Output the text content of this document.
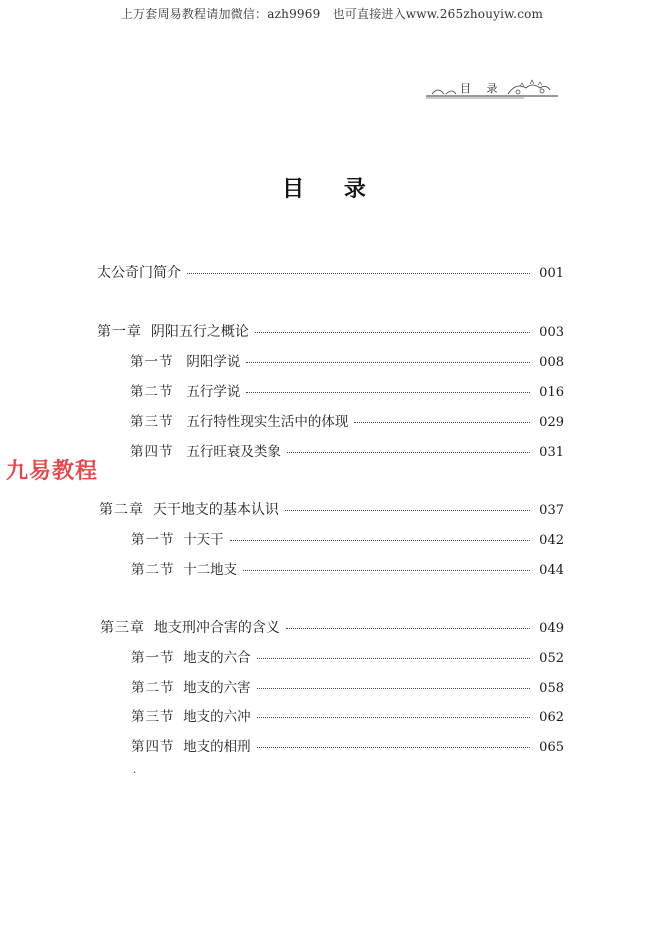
上万套周易教程请加微信：azh9969　也可直接进入www.265zhouyiw.com
目 录
目 录
太公奇门简介	001
第一章 阴阳五行之概论	003
第一节 阴阳学说	008
第二节 五行学说	016
第三节 五行特性现实生活中的体现	029
第四节 五行旺衰及类象	031
第二章 天干地支的基本认识	037
第一节 十天干	042
第二节 十二地支	044
第三章 地支刑冲合害的含义	049
第一节 地支的六合	052
第二节 地支的六害	058
第三节 地支的六冲	062
第四节 地支的相刑	065
九易教程
·
